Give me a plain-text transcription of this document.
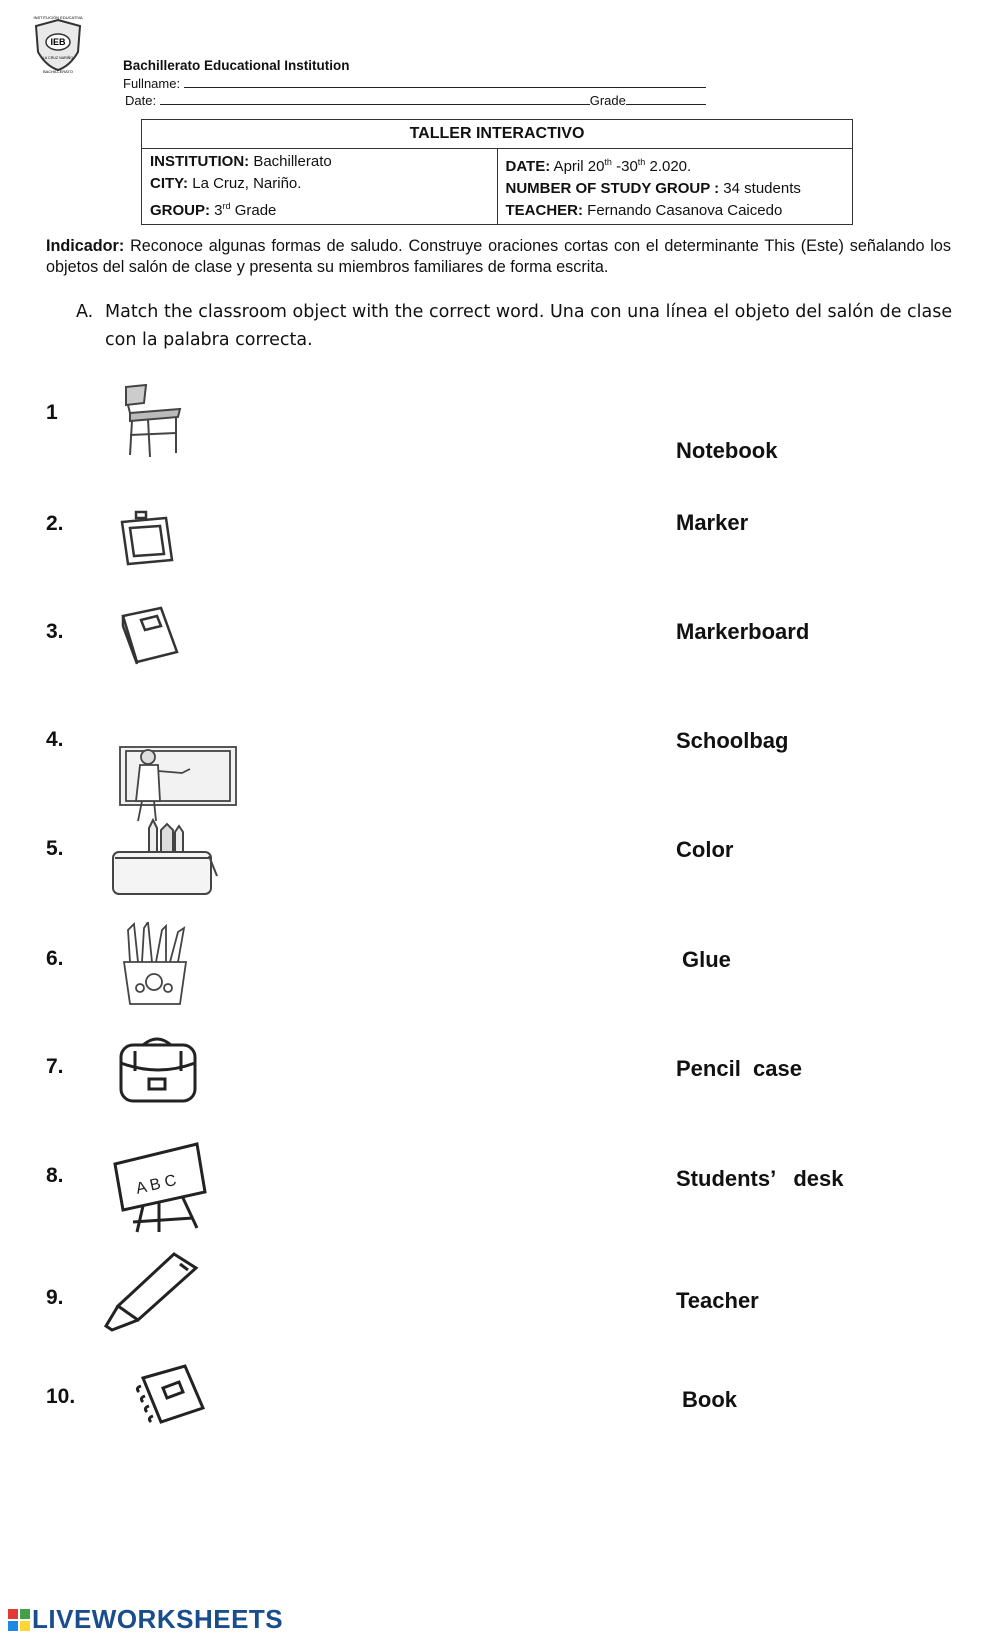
IEB
INSTITUCIÓN EDUCATIVA
LA CRUZ NARIÑO
BACHILLERATO	Bachillerato Educational Institution
Fullname:
Date:	Grade
TALLER INTERACTIVO

INSTITUTION: Bachillerato
CITY: La Cruz, Nariño.
GROUP: 3rd Grade

DATE: April 20th -30th 2.020.
NUMBER OF STUDY GROUP : 34 students
TEACHER: Fernando Casanova Caicedo
Indicador: Reconoce algunas formas de saludo. Construye oraciones cortas con el determinante This (Este) señalando los objetos del salón de clase y presenta su miembros familiares de forma escrita.
A. Match the classroom object with the correct word. Una con una línea el objeto del salón de clase con la palabra correcta.
1
2.
3.
4.
5.
6.
7.
8.
9.
10.
A B C
Notebook
Marker
Markerboard
Schoolbag
Color
Glue
Pencil  case
Students’   desk
Teacher
Book
LIVEWORKSHEETS
